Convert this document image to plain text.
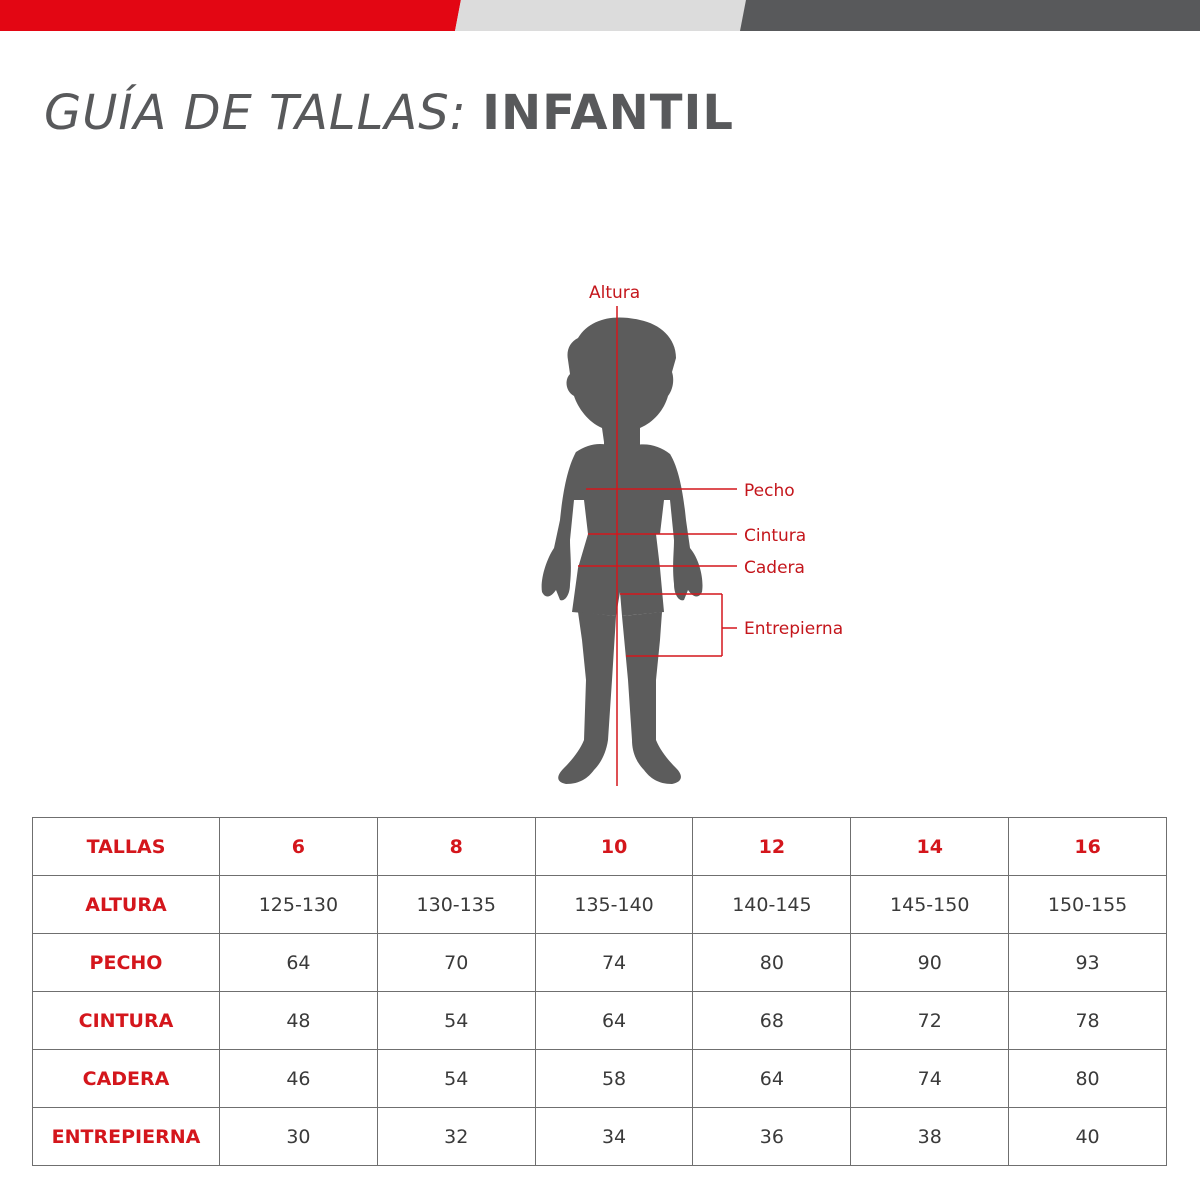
GUÍA DE TALLAS: INFANTIL
Altura
Pecho
Cintura
Cadera
Entrepierna
TALLAS	6	8	10	12	14	16
ALTURA	125-130	130-135	135-140	140-145	145-150	150-155
PECHO	64	70	74	80	90	93
CINTURA	48	54	64	68	72	78
CADERA	46	54	58	64	74	80
ENTREPIERNA	30	32	34	36	38	40
